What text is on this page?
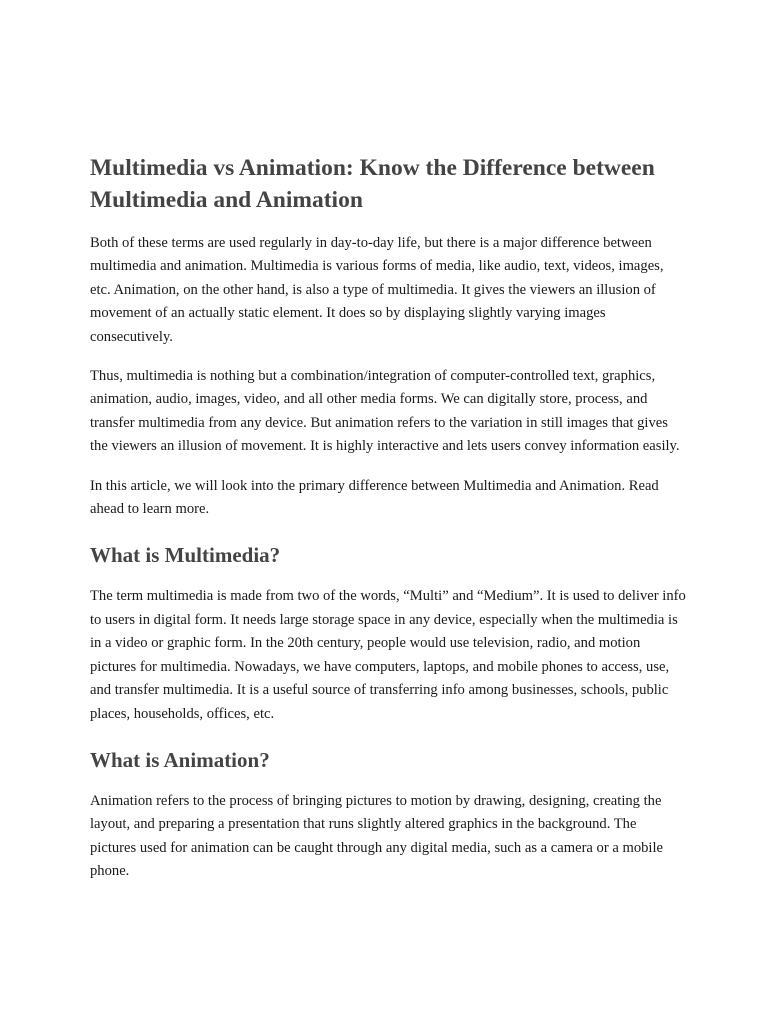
Multimedia vs Animation: Know the Difference between Multimedia and Animation

Both of these terms are used regularly in day-to-day life, but there is a major difference between multimedia and animation. Multimedia is various forms of media, like audio, text, videos, images, etc. Animation, on the other hand, is also a type of multimedia. It gives the viewers an illusion of movement of an actually static element. It does so by displaying slightly varying images consecutively.

Thus, multimedia is nothing but a combination/integration of computer-controlled text, graphics, animation, audio, images, video, and all other media forms. We can digitally store, process, and transfer multimedia from any device. But animation refers to the variation in still images that gives the viewers an illusion of movement. It is highly interactive and lets users convey information easily.

In this article, we will look into the primary difference between Multimedia and Animation. Read ahead to learn more.

What is Multimedia?

The term multimedia is made from two of the words, “Multi” and “Medium”. It is used to deliver info to users in digital form. It needs large storage space in any device, especially when the multimedia is in a video or graphic form. In the 20th century, people would use television, radio, and motion pictures for multimedia. Nowadays, we have computers, laptops, and mobile phones to access, use, and transfer multimedia. It is a useful source of transferring info among businesses, schools, public places, households, offices, etc.

What is Animation?

Animation refers to the process of bringing pictures to motion by drawing, designing, creating the layout, and preparing a presentation that runs slightly altered graphics in the background. The pictures used for animation can be caught through any digital media, such as a camera or a mobile phone.
